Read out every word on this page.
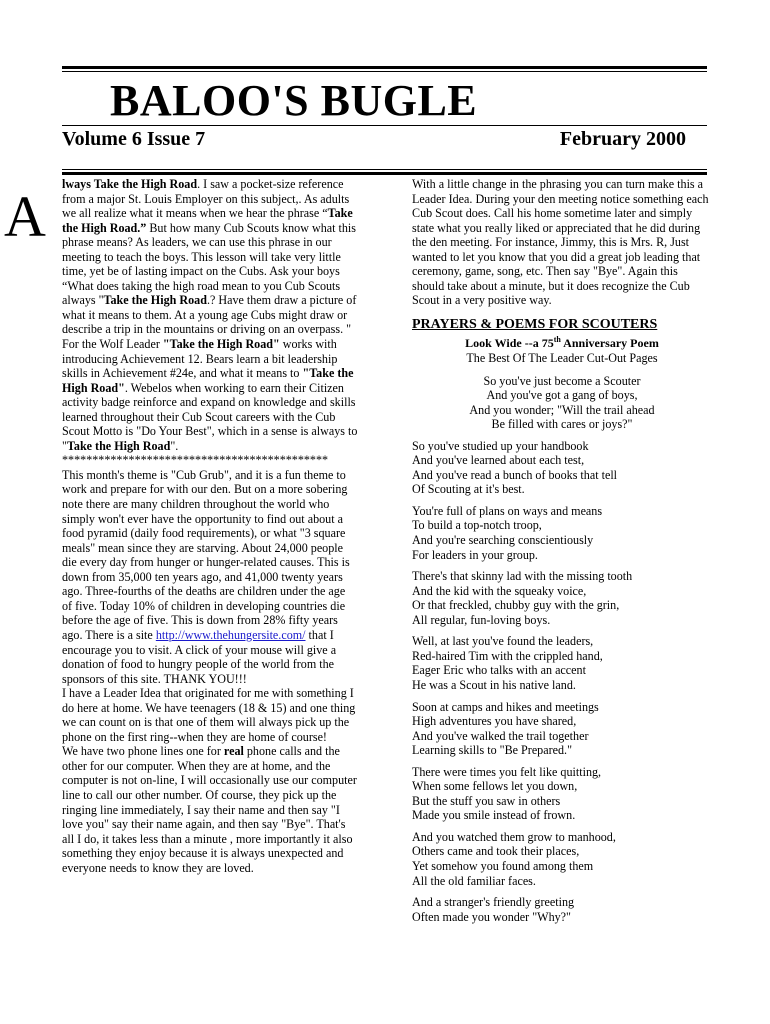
BALOO'S BUGLE
Volume 6 Issue 7	February 2000
A lways Take the High Road. I saw a pocket-size reference from a major St. Louis Employer on this subject,. As adults we all realize what it means when we hear the phrase “Take the High Road.” But how many Cub Scouts know what this phrase means? As leaders, we can use this phrase in our meeting to teach the boys. This lesson will take very little time, yet be of lasting impact on the Cubs. Ask your boys “What does taking the high road mean to you Cub Scouts always "Take the High Road.? Have them draw a picture of what it means to them. At a young age Cubs might draw or describe a trip in the mountains or driving on an overpass. "

For the Wolf Leader "Take the High Road" works with introducing Achievement 12. Bears learn a bit leadership skills in Achievement #24e, and what it means to "Take the High Road". Webelos when working to earn their Citizen activity badge reinforce and expand on knowledge and skills learned throughout their Cub Scout careers with the Cub Scout Motto is "Do Your Best", which in a sense is always to "Take the High Road".

********************************************

This month's theme is "Cub Grub", and it is a fun theme to work and prepare for with our den. But on a more sobering note there are many children throughout the world who simply won't ever have the opportunity to find out about a food pyramid (daily food requirements), or what "3 square meals" mean since they are starving. About 24,000 people die every day from hunger or hunger-related causes. This is down from 35,000 ten years ago, and 41,000 twenty years ago. Three-fourths of the deaths are children under the age of five. Today 10% of children in developing countries die before the age of five. This is down from 28% fifty years ago. There is a site http://www.thehungersite.com/ that I encourage you to visit. A click of your mouse will give a donation of food to hungry people of the world from the sponsors of this site. THANK YOU!!!

I have a Leader Idea that originated for me with something I do here at home. We have teenagers (18 & 15) and one thing we can count on is that one of them will always pick up the phone on the first ring--when they are home of course!

We have two phone lines one for real phone calls and the other for our computer. When they are at home, and the computer is not on-line, I will occasionally use our computer line to call our other number. Of course, they pick up the ringing line immediately, I say their name and then say "I love you" say their name again, and then say "Bye". That's all I do, it takes less than a minute , more importantly it also something they enjoy because it is always unexpected and everyone needs to know they are loved.

With a little change in the phrasing you can turn make this a Leader Idea. During your den meeting notice something each Cub Scout does. Call his home sometime later and simply state what you really liked or appreciated that he did during the den meeting. For instance, Jimmy, this is Mrs. R, Just wanted to let you know that you did a great job leading that ceremony, game, song, etc. Then say "Bye". Again this should take about a minute, but it does recognize the Cub Scout in a very positive way.

PRAYERS & POEMS FOR SCOUTERS

Look Wide --a 75th Anniversary Poem

The Best Of The Leader Cut-Out Pages

So you've just become a Scouter

And you've got a gang of boys,

And you wonder; "Will the trail ahead

Be filled with cares or joys?"

So you've studied up your handbook

And you've learned about each test,

And you've read a bunch of books that tell

Of Scouting at it's best.

You're full of plans on ways and means

To build a top-notch troop,

And you're searching conscientiously

For leaders in your group.

There's that skinny lad with the missing tooth

And the kid with the squeaky voice,

Or that freckled, chubby guy with the grin,

All regular, fun-loving boys.

Well, at last you've found the leaders,

Red-haired Tim with the crippled hand,

Eager Eric who talks with an accent

He was a Scout in his native land.

Soon at camps and hikes and meetings

High adventures you have shared,

And you've walked the trail together

Learning skills to "Be Prepared."

There were times you felt like quitting,

When some fellows let you down,

But the stuff you saw in others

Made you smile instead of frown.

And you watched them grow to manhood,

Others came and took their places,

Yet somehow you found among them

All the old familiar faces.

And a stranger's friendly greeting

Often made you wonder "Why?"
